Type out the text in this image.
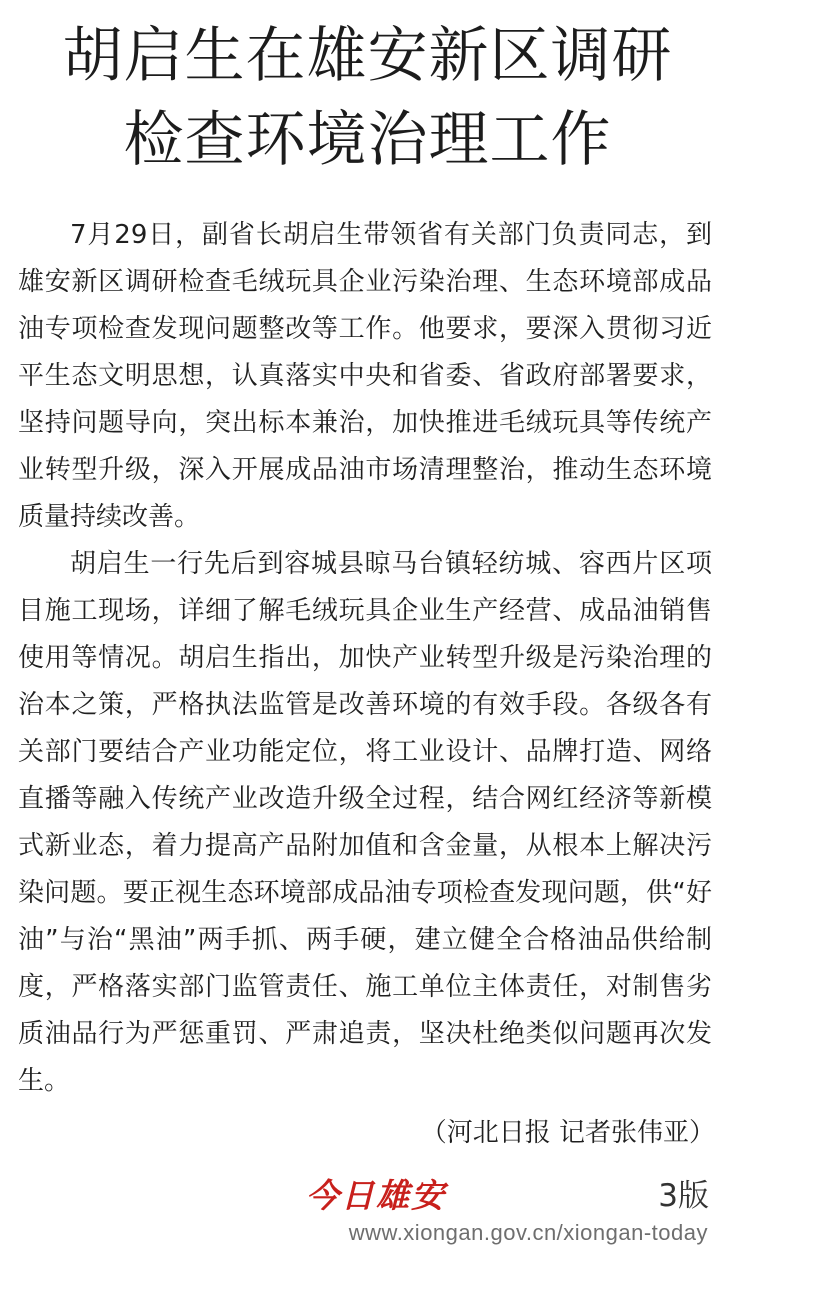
胡启生在雄安新区调研
检查环境治理工作

7月29日，副省长胡启生带领省有关部门负责同志，到雄安新区调研检查毛绒玩具企业污染治理、生态环境部成品油专项检查发现问题整改等工作。他要求，要深入贯彻习近平生态文明思想，认真落实中央和省委、省政府部署要求，坚持问题导向，突出标本兼治，加快推进毛绒玩具等传统产业转型升级，深入开展成品油市场清理整治，推动生态环境质量持续改善。

胡启生一行先后到容城县晾马台镇轻纺城、容西片区项目施工现场，详细了解毛绒玩具企业生产经营、成品油销售使用等情况。胡启生指出，加快产业转型升级是污染治理的治本之策，严格执法监管是改善环境的有效手段。各级各有关部门要结合产业功能定位，将工业设计、品牌打造、网络直播等融入传统产业改造升级全过程，结合网红经济等新模式新业态，着力提高产品附加值和含金量，从根本上解决污染问题。要正视生态环境部成品油专项检查发现问题，供“好油”与治“黑油”两手抓、两手硬，建立健全合格油品供给制度，严格落实部门监管责任、施工单位主体责任，对制售劣质油品行为严惩重罚、严肃追责，坚决杜绝类似问题再次发生。

（河北日报 记者张伟亚）
今日雄安	3版
www.xiongan.gov.cn/xiongan-today
